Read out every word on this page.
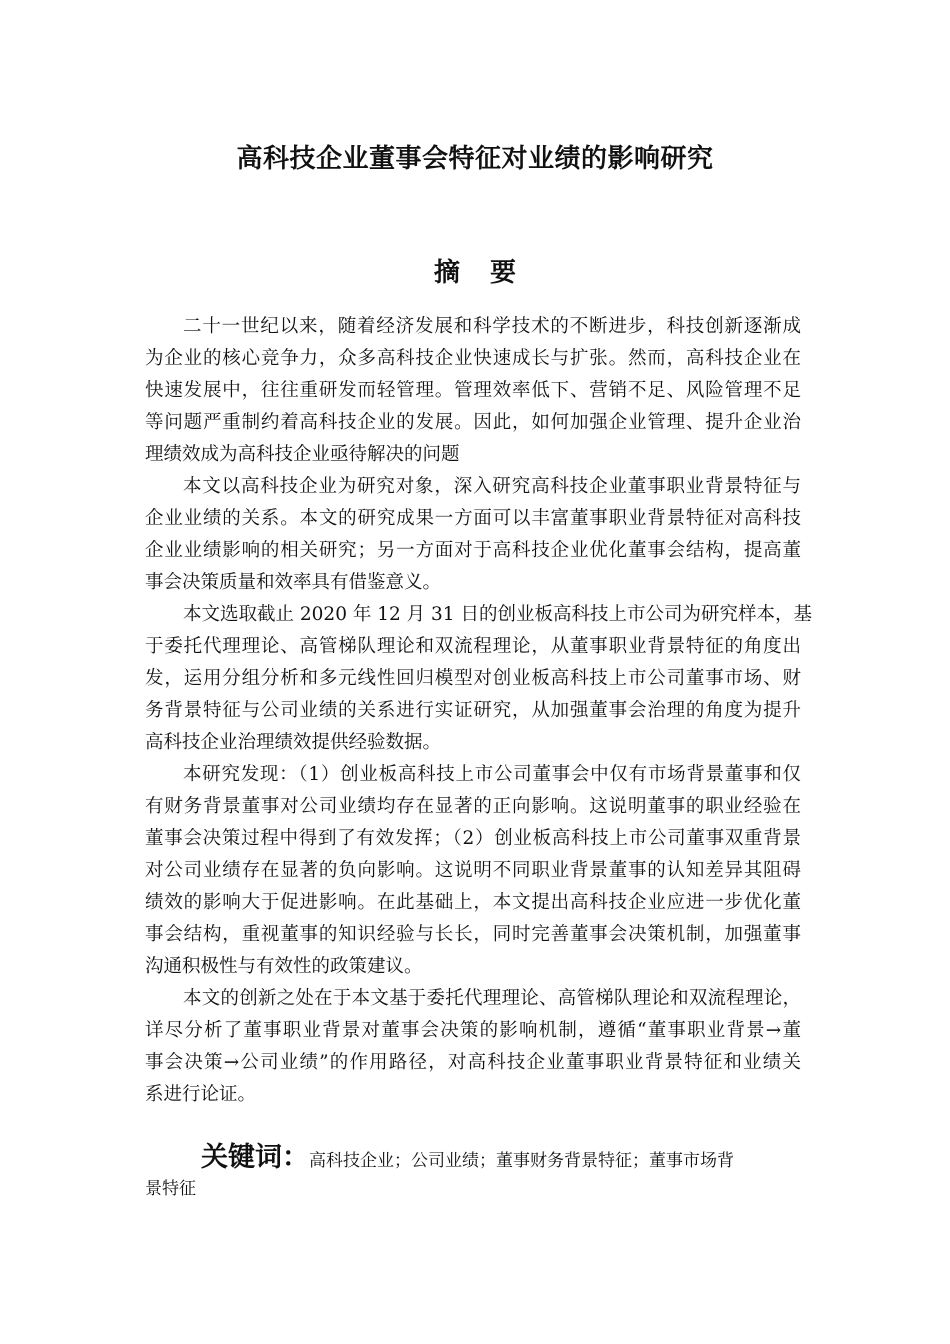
高科技企业董事会特征对业绩的影响研究
摘要
二十一世纪以来，随着经济发展和科学技术的不断进步，科技创新逐渐成
为企业的核心竞争力，众多高科技企业快速成长与扩张。然而，高科技企业在
快速发展中，往往重研发而轻管理。管理效率低下、营销不足、风险管理不足
等问题严重制约着高科技企业的发展。因此，如何加强企业管理、提升企业治
理绩效成为高科技企业亟待解决的问题
本文以高科技企业为研究对象，深入研究高科技企业董事职业背景特征与
企业业绩的关系。本文的研究成果一方面可以丰富董事职业背景特征对高科技
企业业绩影响的相关研究；另一方面对于高科技企业优化董事会结构，提高董
事会决策质量和效率具有借鉴意义。
本文选取截止 2020 年 12 月 31 日的创业板高科技上市公司为研究样本，基
于委托代理理论、高管梯队理论和双流程理论，从董事职业背景特征的角度出
发，运用分组分析和多元线性回归模型对创业板高科技上市公司董事市场、财
务背景特征与公司业绩的关系进行实证研究，从加强董事会治理的角度为提升
高科技企业治理绩效提供经验数据。
本研究发现：（1）创业板高科技上市公司董事会中仅有市场背景董事和仅
有财务背景董事对公司业绩均存在显著的正向影响。这说明董事的职业经验在
董事会决策过程中得到了有效发挥；（2）创业板高科技上市公司董事双重背景
对公司业绩存在显著的负向影响。这说明不同职业背景董事的认知差异其阻碍
绩效的影响大于促进影响。在此基础上，本文提出高科技企业应进一步优化董
事会结构，重视董事的知识经验与长长，同时完善董事会决策机制，加强董事
沟通积极性与有效性的政策建议。
本文的创新之处在于本文基于委托代理理论、高管梯队理论和双流程理论，
详尽分析了董事职业背景对董事会决策的影响机制，遵循“董事职业背景→董
事会决策→公司业绩”的作用路径，对高科技企业董事职业背景特征和业绩关
系进行论证。
关键词：高科技企业；公司业绩；董事财务背景特征；董事市场背
景特征
